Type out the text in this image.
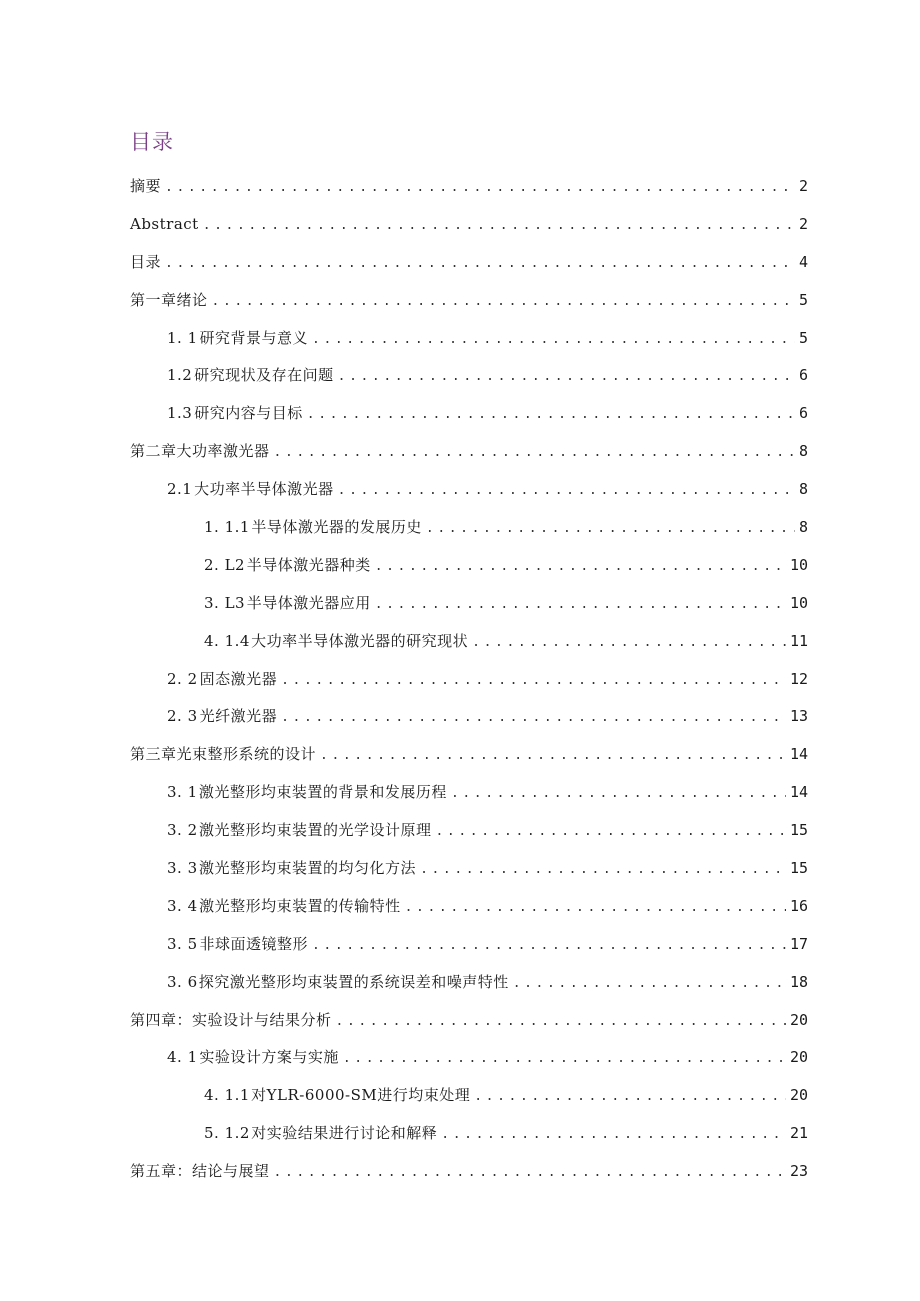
目录
摘要 .....	2
Abstract .....	2
目录 .....	4
第一章绪论 .....	5
1. 1 研究背景与意义 .....	5
1.2 研究现状及存在问题 .....	6
1.3 研究内容与目标 .....	6
第二章大功率激光器 .....	8
2.1 大功率半导体激光器 .....	8
1. 1.1 半导体激光器的发展历史 .....	8
2. L2 半导体激光器种类 .....	10
3. L3 半导体激光器应用 .....	10
4. 1.4 大功率半导体激光器的研究现状 .....	11
2. 2 固态激光器 .....	12
2. 3 光纤激光器 .....	13
第三章光束整形系统的设计 .....	14
3. 1 激光整形均束装置的背景和发展历程 .....	14
3. 2 激光整形均束装置的光学设计原理 .....	15
3. 3 激光整形均束装置的均匀化方法 .....	15
3. 4 激光整形均束装置的传输特性 .....	16
3. 5 非球面透镜整形 .....	17
3. 6 探究激光整形均束装置的系统误差和噪声特性 .....	18
第四章：实验设计与结果分析 .....	20
4. 1 实验设计方案与实施 .....	20
4. 1.1 对YLR-6000-SM进行均束处理 .....	20
5. 1.2 对实验结果进行讨论和解释 .....	21
第五章：结论与展望 .....	23
